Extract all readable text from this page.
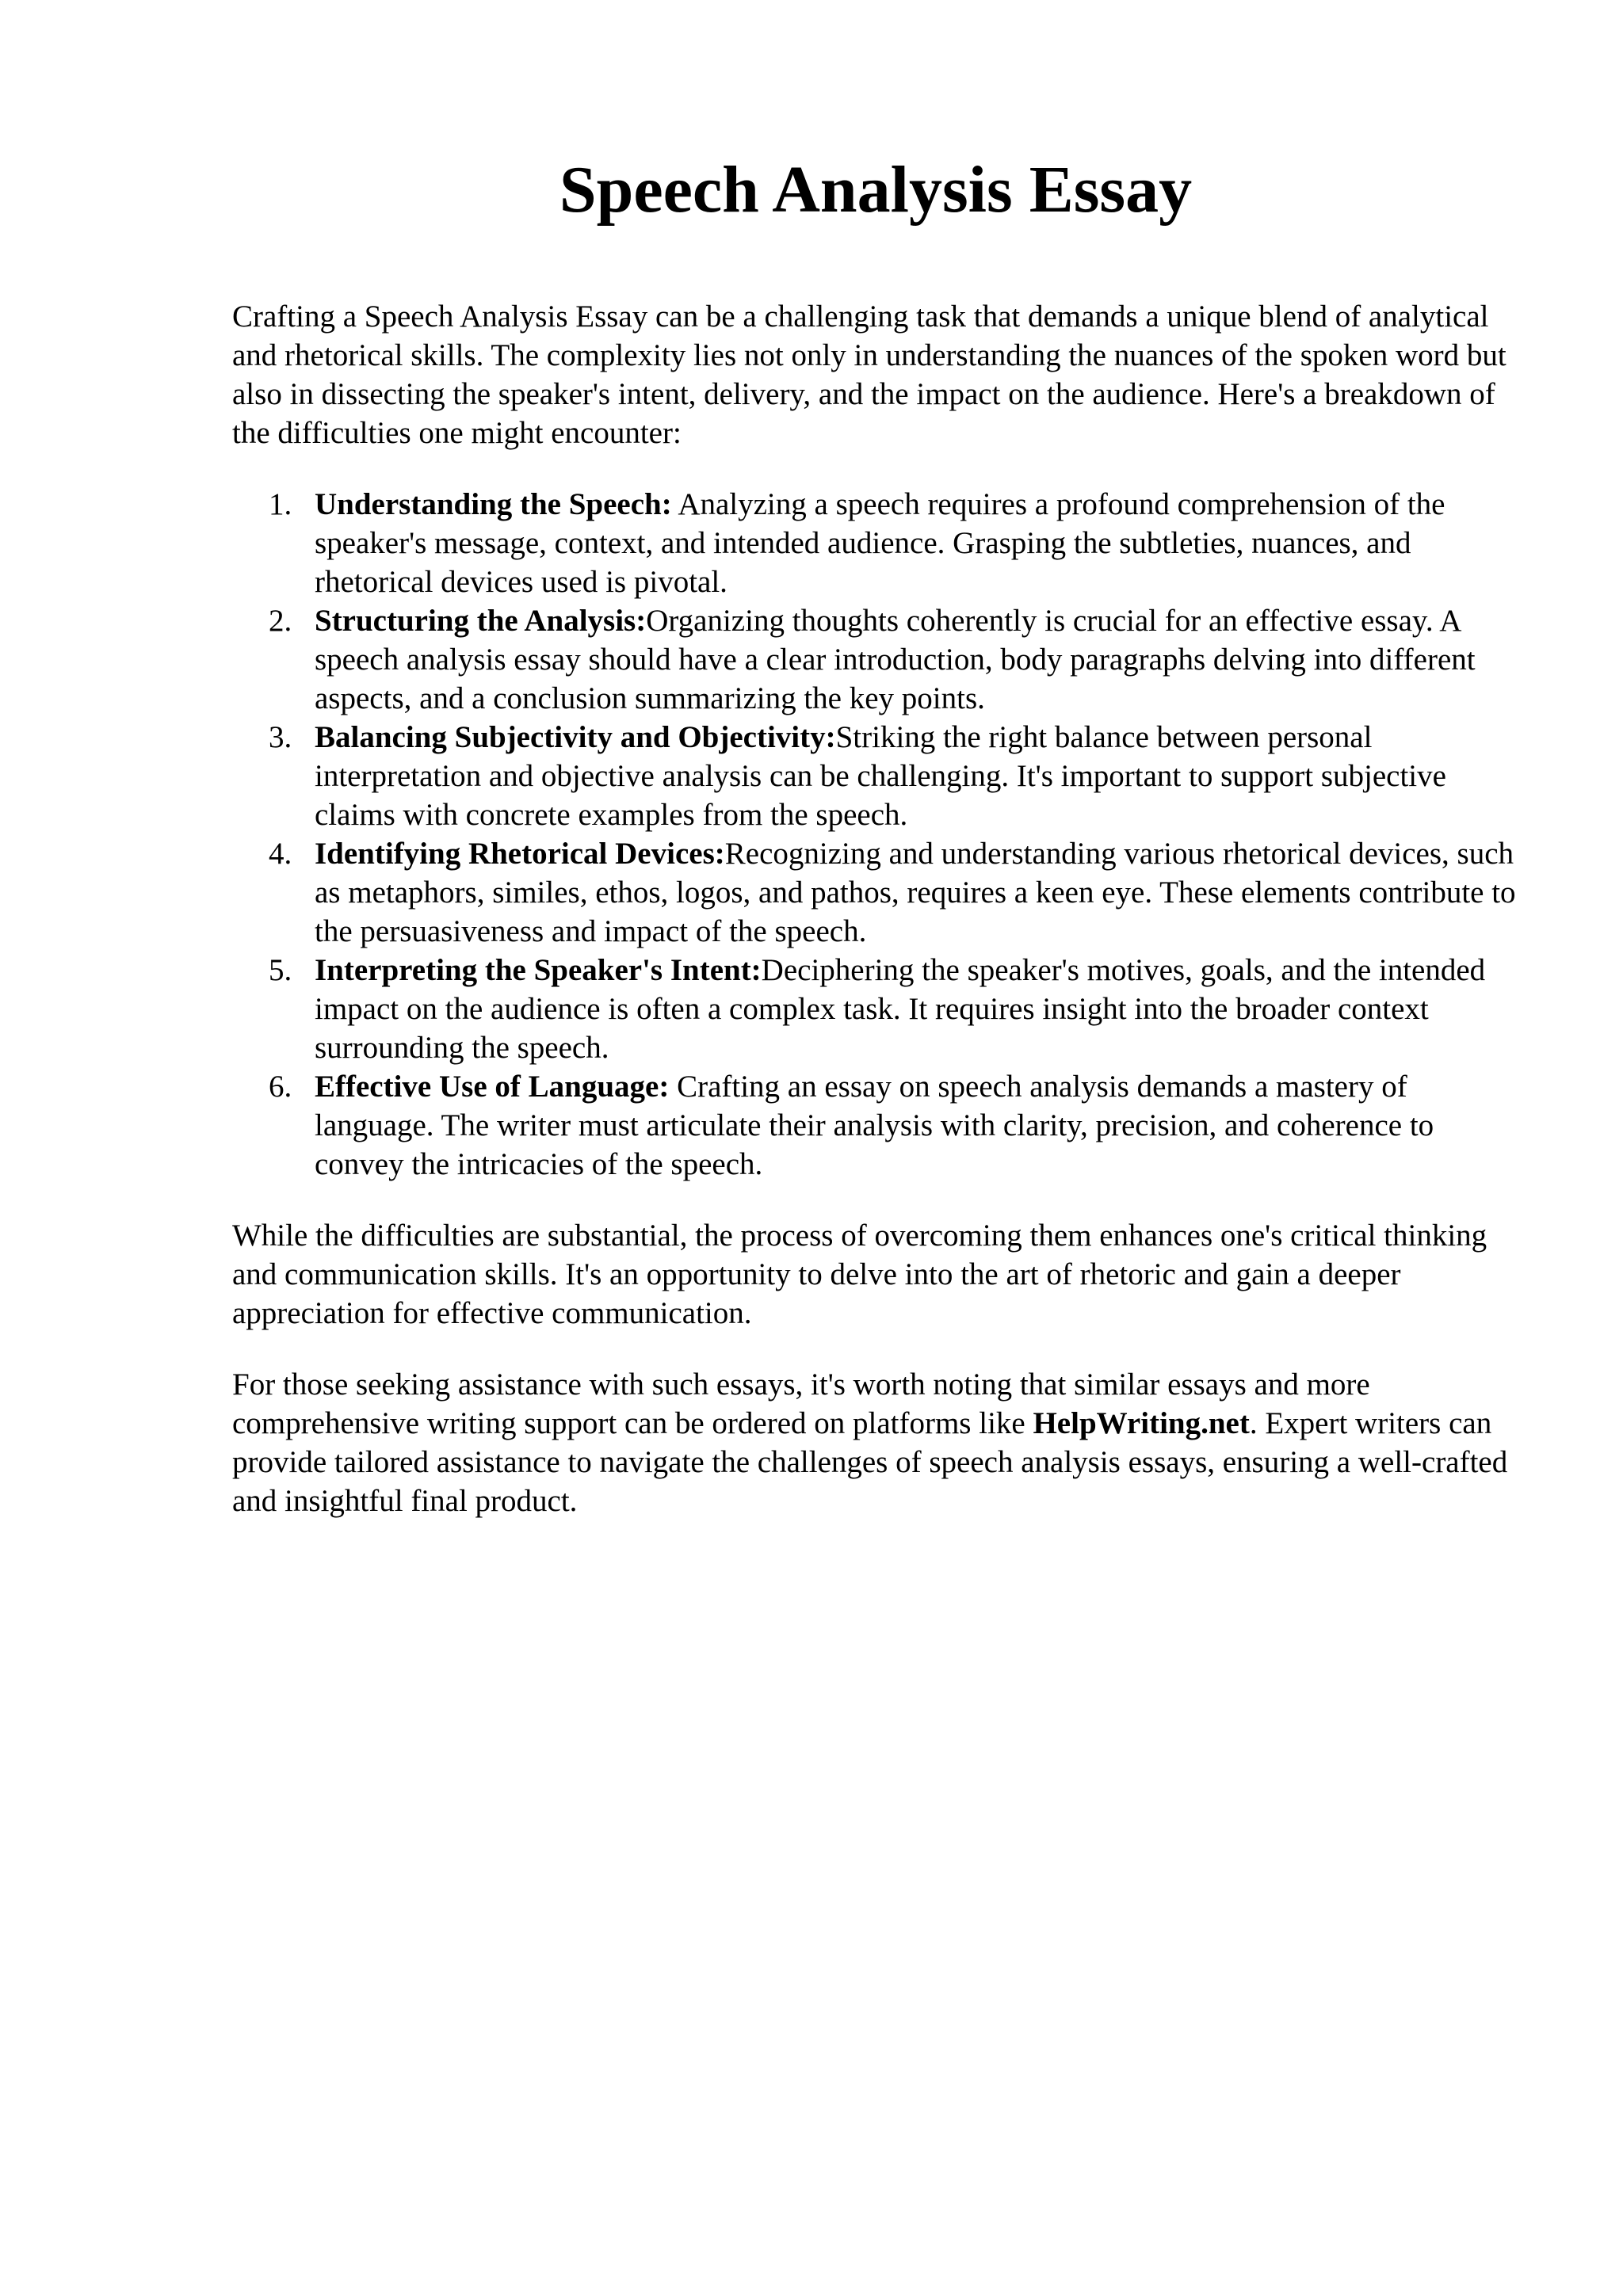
Speech Analysis Essay

Crafting a Speech Analysis Essay can be a challenging task that demands a unique blend of analytical and rhetorical skills. The complexity lies not only in understanding the nuances of the spoken word but also in dissecting the speaker's intent, delivery, and the impact on the audience. Here's a breakdown of the difficulties one might encounter:

1. Understanding the Speech: Analyzing a speech requires a profound comprehension of the speaker's message, context, and intended audience. Grasping the subtleties, nuances, and rhetorical devices used is pivotal.
2. Structuring the Analysis:Organizing thoughts coherently is crucial for an effective essay. A speech analysis essay should have a clear introduction, body paragraphs delving into different aspects, and a conclusion summarizing the key points.
3. Balancing Subjectivity and Objectivity:Striking the right balance between personal interpretation and objective analysis can be challenging. It's important to support subjective claims with concrete examples from the speech.
4. Identifying Rhetorical Devices:Recognizing and understanding various rhetorical devices, such as metaphors, similes, ethos, logos, and pathos, requires a keen eye. These elements contribute to the persuasiveness and impact of the speech.
5. Interpreting the Speaker's Intent:Deciphering the speaker's motives, goals, and the intended impact on the audience is often a complex task. It requires insight into the broader context surrounding the speech.
6. Effective Use of Language: Crafting an essay on speech analysis demands a mastery of language. The writer must articulate their analysis with clarity, precision, and coherence to convey the intricacies of the speech.

While the difficulties are substantial, the process of overcoming them enhances one's critical thinking and communication skills. It's an opportunity to delve into the art of rhetoric and gain a deeper appreciation for effective communication.

For those seeking assistance with such essays, it's worth noting that similar essays and more comprehensive writing support can be ordered on platforms like HelpWriting.net. Expert writers can provide tailored assistance to navigate the challenges of speech analysis essays, ensuring a well-crafted and insightful final product.
